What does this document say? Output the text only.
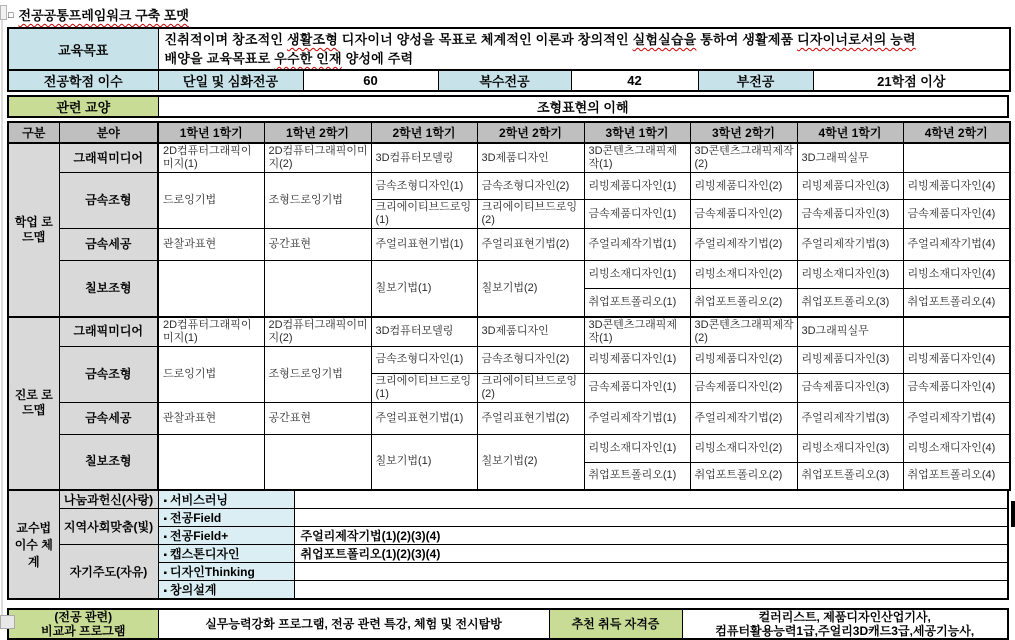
□ 전공공통프레임워크 구축 포맷
교육목표	진취적이며 창조적인 생활조형 디자이너 양성을 목표로 체계적인 이론과 창의적인 실험실습을 통하여 생활제품 디자이너로서의 능력
배양을 교육목표로 우수한 인재 양성에 주력					

전공학점 이수	단일 및 심화전공	60	복수전공	42	부전공	21학점 이상
관련 교양	조형표현의 이해
구분	분야	1학년 1학기	1학년 2학기	2학년 1학기	2학년 2학기	3학년 1학기	3학년 2학기	4학년 1학기	4학년 2학기
학업 로드맵	그래픽미디어	2D컴퓨터그래픽이미지(1)	2D컴퓨터그래픽이미지(2)	3D컴퓨터모델링	3D제품디자인	3D콘텐츠그래픽제작(1)	3D콘텐츠그래픽제작(2)	3D그래픽실무	
	금속조형	드로잉기법	조형드로잉기법	금속조형디자인(1)	금속조형디자인(2)	리빙제품디자인(1)	리빙제품디자인(2)	리빙제품디자인(3)	리빙제품디자인(4)
				크리에이티브드로잉(1)	크리에이티브드로잉(2)	금속제품디자인(1)	금속제품디자인(2)	금속제품디자인(3)	금속제품디자인(4)
	금속세공	관찰과표현	공간표현	주얼리표현기법(1)	주얼리표현기법(2)	주얼리제작기법(1)	주얼리제작기법(2)	주얼리제작기법(3)	주얼리제작기법(4)
	칠보조형			칠보기법(1)	칠보기법(2)	리빙소재디자인(1)	리빙소재디자인(2)	리빙소재디자인(3)	리빙소재디자인(4)
						취업포트폴리오(1)	취업포트폴리오(2)	취업포트폴리오(3)	취업포트폴리오(4)
진로 로드맵	그래픽미디어	2D컴퓨터그래픽이미지(1)	2D컴퓨터그래픽이미지(2)	3D컴퓨터모델링	3D제품디자인	3D콘텐츠그래픽제작(1)	3D콘텐츠그래픽제작(2)	3D그래픽실무	
	금속조형	드로잉기법	조형드로잉기법	금속조형디자인(1)	금속조형디자인(2)	리빙제품디자인(1)	리빙제품디자인(2)	리빙제품디자인(3)	리빙제품디자인(4)
				크리에이티브드로잉(1)	크리에이티브드로잉(2)	금속제품디자인(1)	금속제품디자인(2)	금속제품디자인(3)	금속제품디자인(4)
	금속세공	관찰과표현	공간표현	주얼리표현기법(1)	주얼리표현기법(2)	주얼리제작기법(1)	주얼리제작기법(2)	주얼리제작기법(3)	주얼리제작기법(4)
	칠보조형			칠보기법(1)	칠보기법(2)	리빙소재디자인(1)	리빙소재디자인(2)	리빙소재디자인(3)	리빙소재디자인(4)
						취업포트폴리오(1)	취업포트폴리오(2)	취업포트폴리오(3)	취업포트폴리오(4)
교수법 이수 체계	나눔과헌신(사랑)	▪ 서비스러닝	
	지역사회맞춤(빛)	▪ 전공Field	
		▪ 전공Field+	주얼리제작기법(1)(2)(3)(4)
	자기주도(자유)	▪ 캡스톤디자인	취업포트폴리오(1)(2)(3)(4)
		▪ 디자인Thinking	
		▪ 창의설계	
(전공 관련)
비교과 프로그램	실무능력강화 프로그램, 전공 관련 특강, 체험 및 전시탐방	추천 취득 자격증	컬러리스트, 제품디자인산업기사,
컴퓨터활용능력1급,주얼리3D캐드3급,세공기능사,
